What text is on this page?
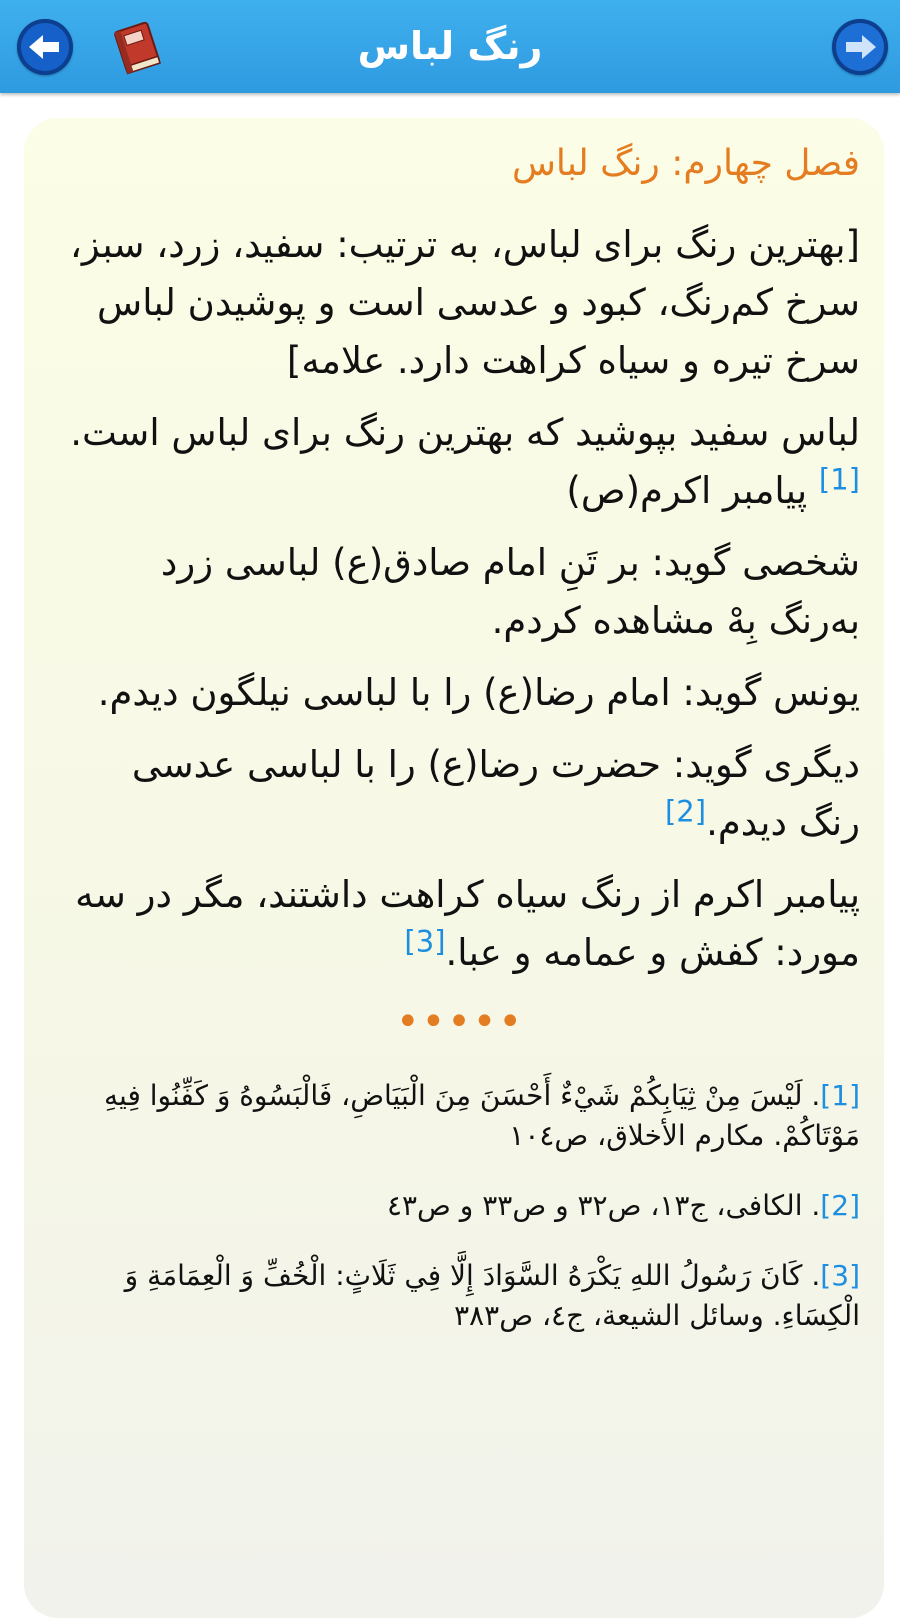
رنگ لباس
فصل چهارم: رنگ لباس

[بهترین رنگ برای لباس، به ترتیب: سفید، زرد، سبز، سرخ کم‌رنگ، کبود و عدسی است و پوشیدن لباس سرخ تیره و سیاه کراهت دارد. علامه]

لباس سفید بپوشید که بهترین رنگ برای لباس است.[1] پیامبر اکرم(ص)

شخصی گوید: بر تَنِ امام صادق(ع) لباسی زرد به‌رنگ بِهْ مشاهده کردم.

یونس گوید: امام رضا(ع) را با لباسی نیلگون دیدم.

دیگری گوید: حضرت رضا(ع) را با لباسی عدسی رنگ دیدم.[2]

پیامبر اکرم از رنگ سیاه کراهت داشتند، مگر در سه مورد: کفش و عمامه و عبا.[3]

•••••
[1]. لَيْسَ مِنْ ثِيَابِكُمْ شَيْ‏ءٌ أَحْسَنَ مِنَ الْبَيَاضِ، فَالْبَسُوهُ وَ كَفِّنُوا فِيهِ مَوْتَاكُمْ. مکارم الأخلاق، ص١٠٤
[2]. الکافی، ج١٣، ص٣٢ و ص٣٣ و ص٤٣
[3]. كَانَ رَسُولُ اللهِ يَكْرَهُ السَّوَادَ إِلَّا فِي ثَلَاثٍ: الْخُفِّ وَ الْعِمَامَةِ وَ الْكِسَاءِ. وسائل الشيعة، ج٤، ص٣٨٣
